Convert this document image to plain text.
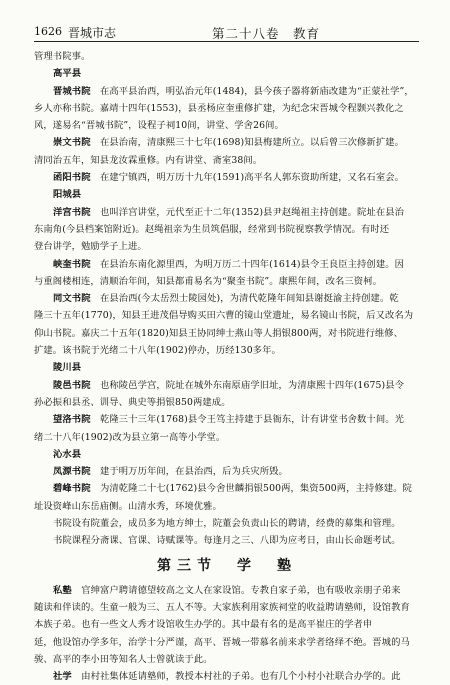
1626 晋城市志	第二十八卷　教育
管理书院事。
高平县
晋城书院　在高平县治西，明弘治元年(1484)，县今孩子器将新庙改建为“正蒙社学”，
乡人亦称书院。嘉靖十四年(1553)，县丞杨应奎重修扩建，为纪念宋晋城令程颢兴教化之
风，遂易名“晋城书院”，设程子祠10间，讲堂、学舍26间。
崇文书院　在县治南，清康熙三十七年(1698)知县梅建所立。以后曾三次修新扩建。
清同治五年，知县龙汝霖重修。内有讲堂、斋室38间。
函阳书院　在建宁镇西，明万历十九年(1591)高平名人郭东资助所建，又名石室会。
阳城县
洋宫书院　也叫洋宫讲堂，元代至正十二年(1352)县尹赵绳祖主持创建。院址在县治
东南角(今县档案馆附近)。赵绳祖亲为生员筑倡服，经常到书院视察教学情况。有时还
登台讲学，勉励学子上进。
峡奎书院　在县治东南化源里西，为明万历二十四年(1614)县令王良臣主持创建。因
与重阁楼相连，清顺治年间，知县都甫易名为“聚奎书院”。康熙年间，改名三资柯。
同文书院　在县治西(今太岳烈士陵园处)，为清代乾隆年间知县谢挺渝主持创建。乾
隆三十五年(1770)，知县王进茂倡导购买田六曹的镜山堂遗址，易名镜山书院，后又改名为
仰山书院。嘉庆二十五年(1820)知县王协同绅士燕山等人捐银800两，对书院进行维修、
扩建。该书院于光绪二十八年(1902)停办，历经130多年。
陵川县
陵邑书院　也称陵邑学宫，院址在城外东南原庙学旧址，为清康熙十四年(1675)县令
孙必振和县丞、训导、典史等捐银850两建成。
望洛书院　乾隆三十三年(1768)县令王笃主持建于县衙东，计有讲堂书舍数十间。光
绪二十八年(1902)改为县立第一高等小学堂。
沁水县
凤源书院　建于明万历年间，在县治西，后为兵灾所毁。
碧峰书院　为清乾隆二十七(1762)县今舍世麟捐银500两，集资500两，主持修建。院
址设资峰山东岳庙侧。山清水秀，环境优雅。
书院设有院董会，成员多为地方绅士，院董会负责山长的聘请，经费的募集和管理。
书院课程分斋课、官课、诗赋课等。每逢月之三、八即为应考日，由山长命题考试。
第三节　学　塾
私塾　官绅富户聘请德望较高之文人在家设馆。专教自家子弟，也有吸收亲朋子弟来
随读和伴读的。生童一般为三、五人不等。大家族利用家族祠堂的收益聘请塾师，设馆教育
本族子弟。也有一些文人秀才设馆收生办学的。其中最有名的是高平崔庄的学者申
延，他设馆办学多年，治学十分严谨，高平、晋城一带慕名前来求学者络绎不绝。晋城的马
骏、高平的李小田等知名人士曾就读于此。
社学　由村社集体延请塾师，教授本村社的子弟。也有几个小村小社联合办学的。此
